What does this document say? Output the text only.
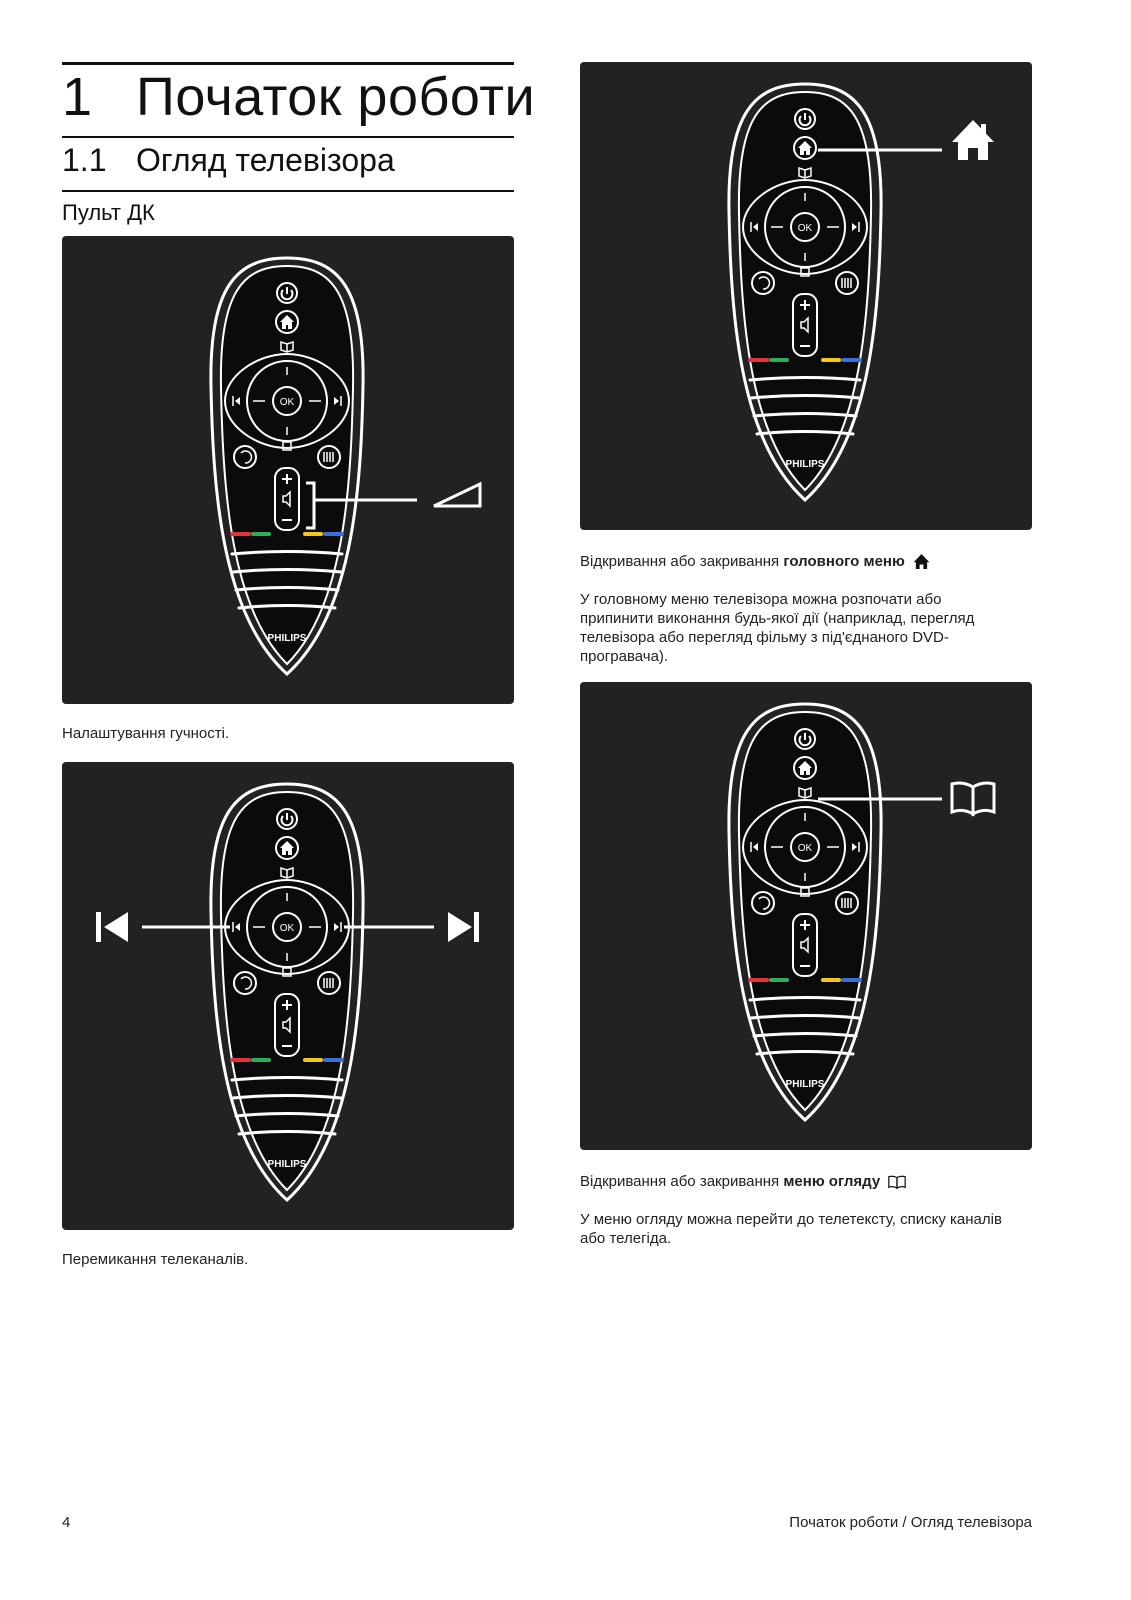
1 Початок роботи
1.1 Огляд телевізора
Пульт ДК
PHILIPS
OK
Налаштування гучності.
PHILIPS
OK
Перемикання телеканалів.
PHILIPS
OK
Відкривання або закривання головного меню
У головному меню телевізора можна розпочати або припинити виконання будь-якої дії (наприклад, перегляд телевізора або перегляд фільму з під'єднаного DVD-програвача).
PHILIPS
OK
Відкривання або закривання меню огляду
У меню огляду можна перейти до телетексту, списку каналів або телегіда.
4	Початок роботи / Огляд телевізора
